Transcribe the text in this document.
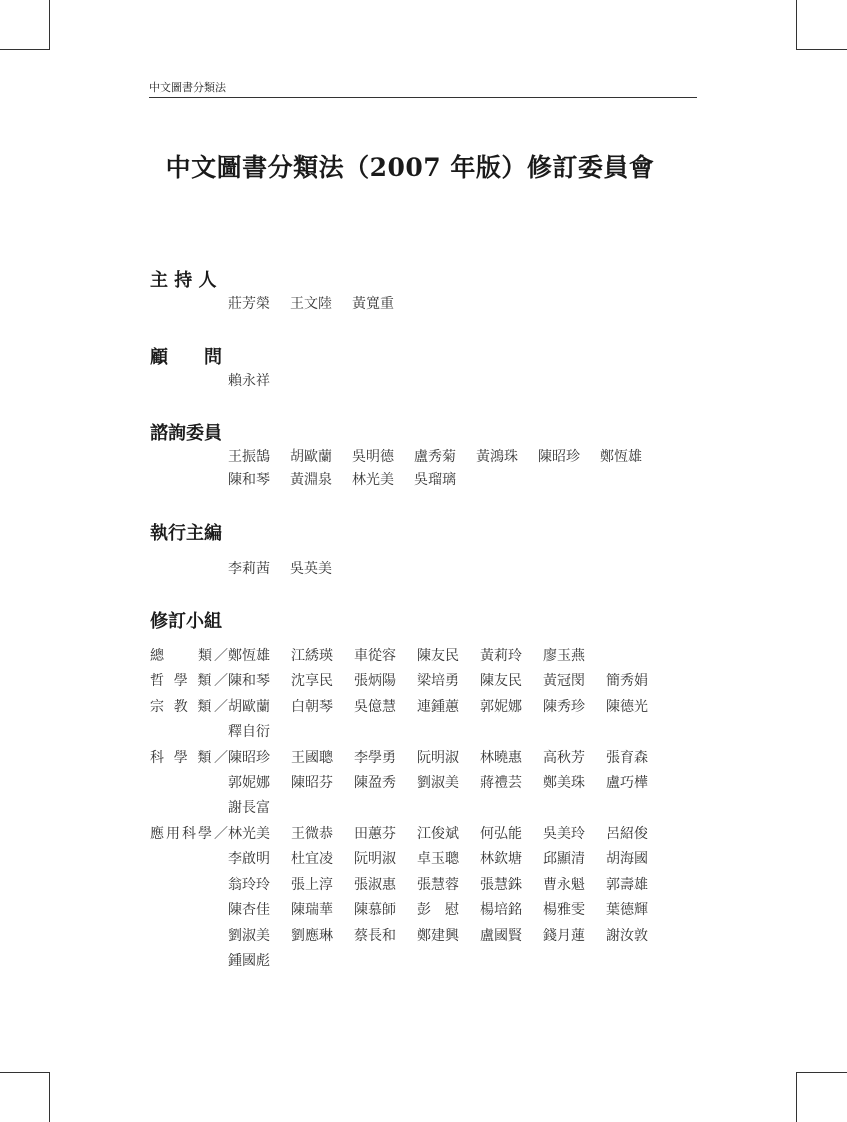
中文圖書分類法
中文圖書分類法（2007 年版）修訂委員會
主 持 人
莊芳榮 王文陸 黃寬重
顧　　問
賴永祥
諮詢委員
王振鵠 胡歐蘭 吳明德 盧秀菊 黃鴻珠 陳昭珍 鄭恆雄
陳和琴 黃淵泉 林光美 吳瑠璃
執行主編
李莉茜 吳英美
修訂小組
總　　類／鄭恆雄 江綉瑛 車從容 陳友民 黃莉玲 廖玉燕
哲 學 類／陳和琴 沈享民 張炳陽 梁培勇 陳友民 黃冠閔 簡秀娟
宗 教 類／胡歐蘭 白朝琴 吳億慧 連鍾蕙 郭妮娜 陳秀珍 陳德光
釋自衍
科 學 類／陳昭珍 王國聰 李學勇 阮明淑 林曉惠 高秋芳 張育森
郭妮娜 陳昭芬 陳盈秀 劉淑美 蔣禮芸 鄭美珠 盧巧樺
謝長富
應用科學／林光美 王微恭 田蕙芬 江俊斌 何弘能 吳美玲 呂紹俊
李啟明 杜宜凌 阮明淑 卓玉聰 林欽塘 邱顯清 胡海國
翁玲玲 張上淳 張淑惠 張慧蓉 張慧銖 曹永魁 郭壽雄
陳杏佳 陳瑞華 陳慕師 彭　慰 楊培銘 楊雅雯 葉德輝
劉淑美 劉應琳 蔡長和 鄭建興 盧國賢 錢月蓮 謝汝敦
鍾國彪
